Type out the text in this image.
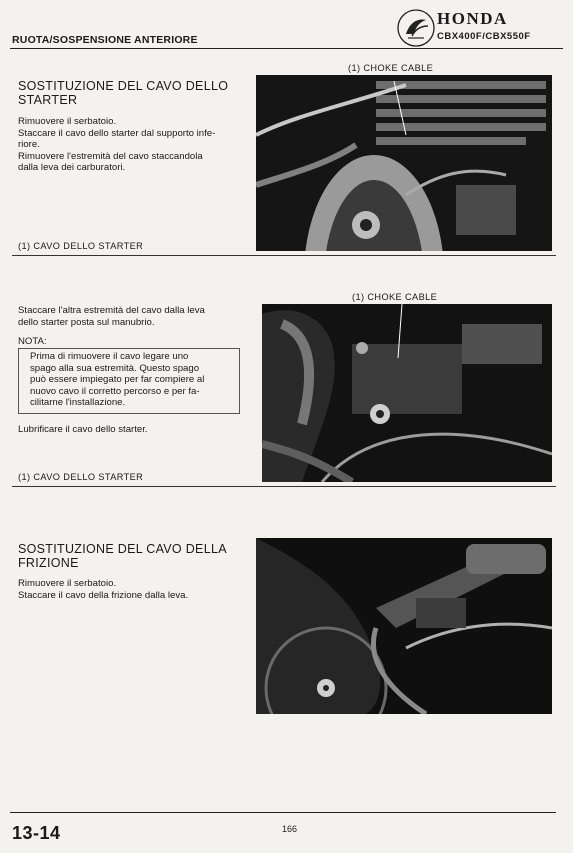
RUOTA/SOSPENSIONE ANTERIORE
HONDA
CBX400F/CBX550F
SOSTITUZIONE DEL CAVO DELLO
STARTER
Rimuovere il serbatoio.
Staccare il cavo dello starter dal supporto infe-
riore.
Rimuovere l'estremità del cavo staccandola
dalla leva dei carburatori.
(1) CAVO DELLO STARTER
(1) CHOKE CABLE
Staccare l'altra estremità del cavo dalla leva
dello starter posta sul manubrio.
NOTA:
Prima di rimuovere il cavo legare uno
spago alla sua estremità. Questo spago
può essere impiegato per far compiere al
nuovo cavo il corretto percorso e per fa-
cilitarne l'installazione.
Lubrificare il cavo dello starter.
(1) CAVO DELLO STARTER
(1) CHOKE CABLE
SOSTITUZIONE DEL CAVO DELLA
FRIZIONE
Rimuovere il serbatoio.
Staccare il cavo della frizione dalla leva.
13-14	166
